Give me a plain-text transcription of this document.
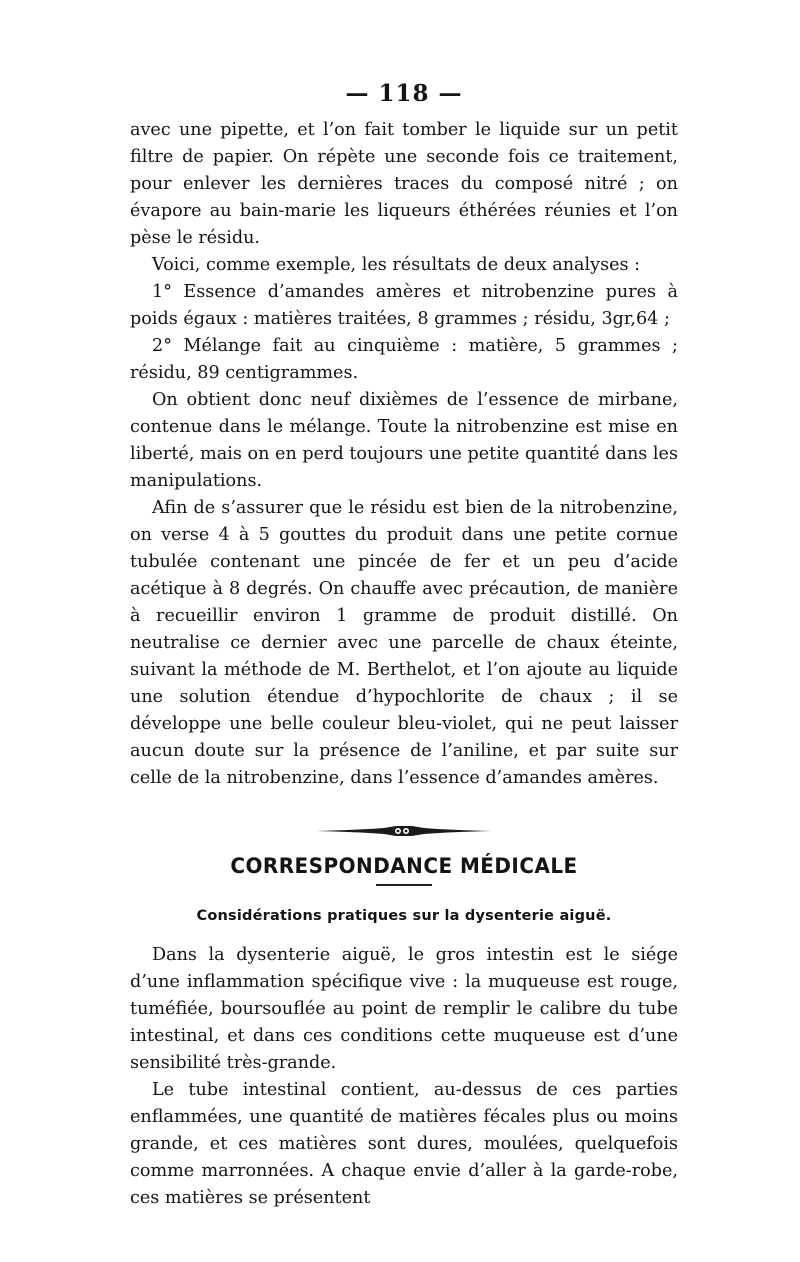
— 118 —

avec une pipette, et l’on fait tomber le liquide sur un petit filtre de papier. On répète une seconde fois ce traitement, pour enlever les dernières traces du composé nitré ; on évapore au bain-marie les liqueurs éthérées réunies et l’on pèse le résidu.

Voici, comme exemple, les résultats de deux analyses :

1° Essence d’amandes amères et nitrobenzine pures à poids égaux : matières traitées, 8 grammes ; résidu, 3gr,64 ;

2° Mélange fait au cinquième : matière, 5 grammes ; résidu, 89 centigrammes.

On obtient donc neuf dixièmes de l’essence de mirbane, contenue dans le mélange. Toute la nitrobenzine est mise en liberté, mais on en perd toujours une petite quantité dans les manipulations.

Afin de s’assurer que le résidu est bien de la nitrobenzine, on verse 4 à 5 gouttes du produit dans une petite cornue tubulée contenant une pincée de fer et un peu d’acide acétique à 8 degrés. On chauffe avec précaution, de manière à recueillir environ 1 gramme de produit distillé. On neutralise ce dernier avec une parcelle de chaux éteinte, suivant la méthode de M. Berthelot, et l’on ajoute au liquide une solution étendue d’hypochlorite de chaux ; il se développe une belle couleur bleu-violet, qui ne peut laisser aucun doute sur la présence de l’aniline, et par suite sur celle de la nitrobenzine, dans l’essence d’amandes amères.

CORRESPONDANCE MÉDICALE
Considérations pratiques sur la dysenterie aiguë.

Dans la dysenterie aiguë, le gros intestin est le siége d’une inflammation spécifique vive : la muqueuse est rouge, tuméfiée, boursouflée au point de remplir le calibre du tube intestinal, et dans ces conditions cette muqueuse est d’une sensibilité très-grande.

Le tube intestinal contient, au-dessus de ces parties enflammées, une quantité de matières fécales plus ou moins grande, et ces matières sont dures, moulées, quelquefois comme marronnées. A chaque envie d’aller à la garde-robe, ces matières se présentent
